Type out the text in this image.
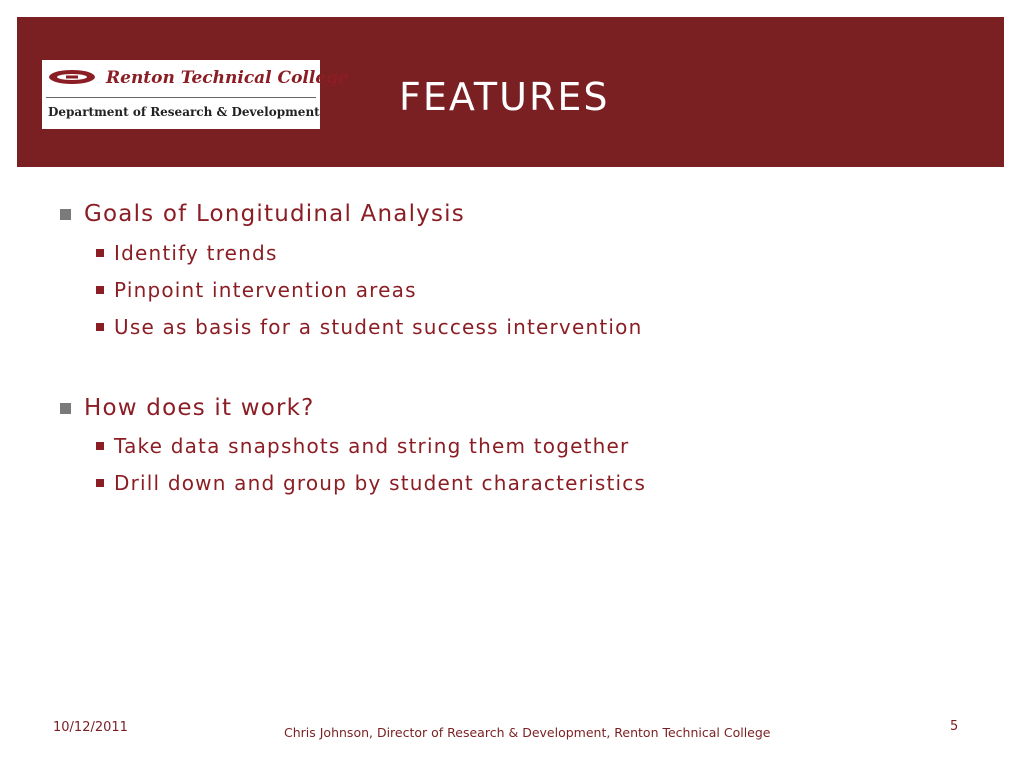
Renton Technical College
Department of Research & Development FEATURES
Goals of Longitudinal Analysis
Identify trends
Pinpoint intervention areas
Use as basis for a student success intervention
How does it work?
Take data snapshots and string them together
Drill down and group by student characteristics
10/12/2011	Chris Johnson, Director of Research & Development, Renton Technical College	5
